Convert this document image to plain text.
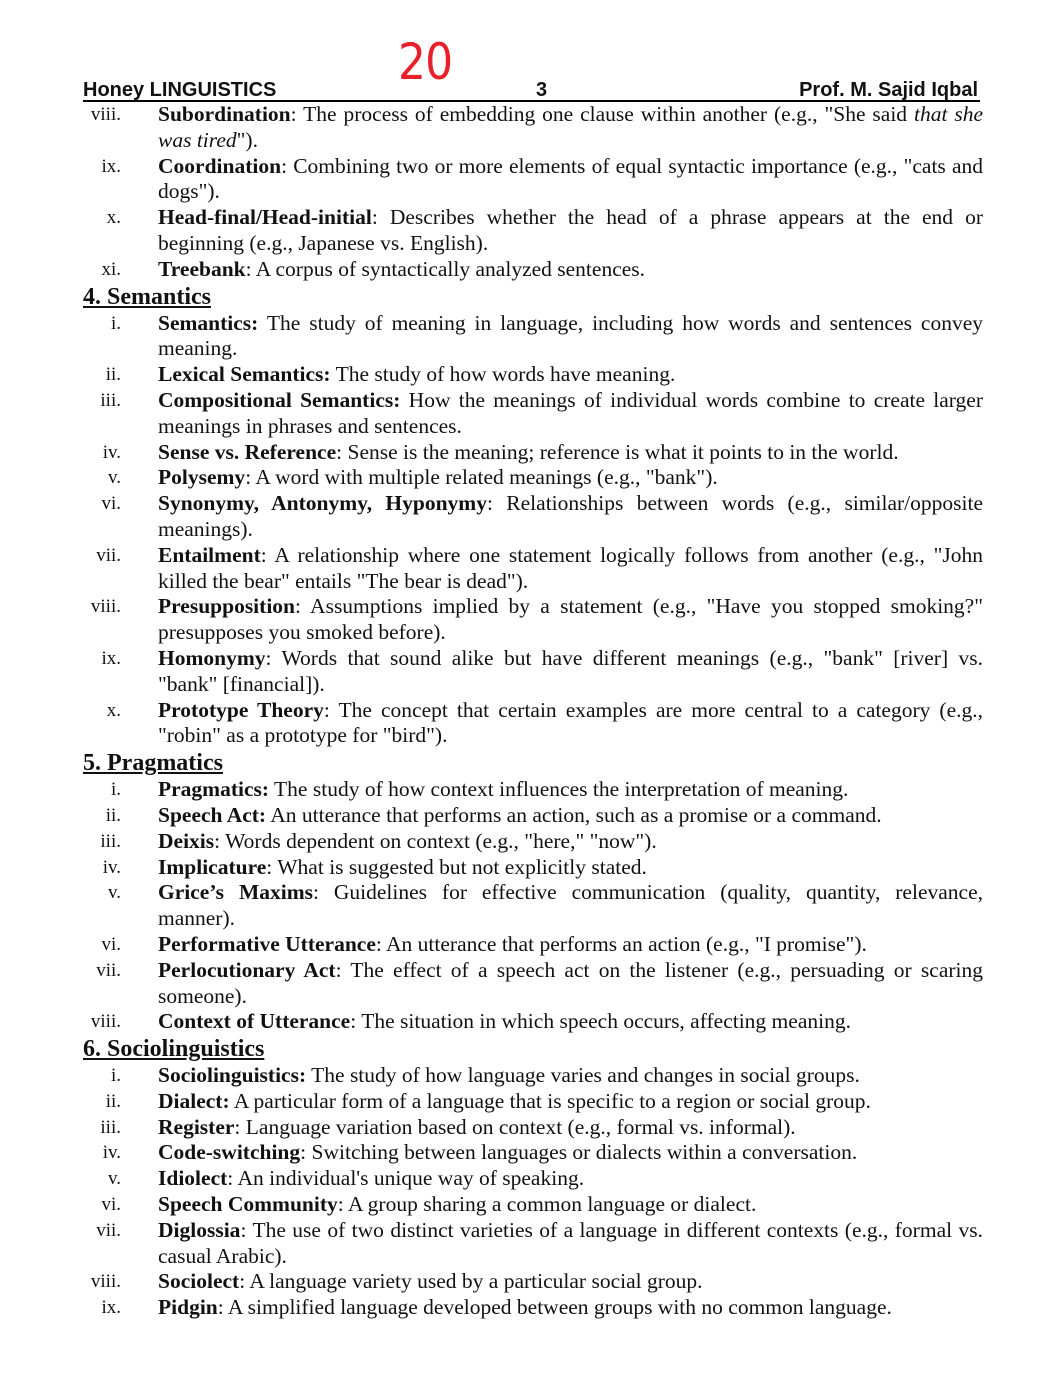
20
Honey LINGUISTICS	3	Prof. M. Sajid Iqbal
viii.	Subordination: The process of embedding one clause within another (e.g., "She said that she was tired").
ix.	Coordination: Combining two or more elements of equal syntactic importance (e.g., "cats and dogs").
x.	Head-final/Head-initial: Describes whether the head of a phrase appears at the end or beginning (e.g., Japanese vs. English).
xi.	Treebank: A corpus of syntactically analyzed sentences.
4. Semantics
i.	Semantics: The study of meaning in language, including how words and sentences convey meaning.
ii.	Lexical Semantics: The study of how words have meaning.
iii.	Compositional Semantics: How the meanings of individual words combine to create larger meanings in phrases and sentences.
iv.	Sense vs. Reference: Sense is the meaning; reference is what it points to in the world.
v.	Polysemy: A word with multiple related meanings (e.g., "bank").
vi.	Synonymy, Antonymy, Hyponymy: Relationships between words (e.g., similar/opposite meanings).
vii.	Entailment: A relationship where one statement logically follows from another (e.g., "John killed the bear" entails "The bear is dead").
viii.	Presupposition: Assumptions implied by a statement (e.g., "Have you stopped smoking?" presupposes you smoked before).
ix.	Homonymy: Words that sound alike but have different meanings (e.g., "bank" [river] vs. "bank" [financial]).
x.	Prototype Theory: The concept that certain examples are more central to a category (e.g., "robin" as a prototype for "bird").
5. Pragmatics
i.	Pragmatics: The study of how context influences the interpretation of meaning.
ii.	Speech Act: An utterance that performs an action, such as a promise or a command.
iii.	Deixis: Words dependent on context (e.g., "here," "now").
iv.	Implicature: What is suggested but not explicitly stated.
v.	Grice’s Maxims: Guidelines for effective communication (quality, quantity, relevance, manner).
vi.	Performative Utterance: An utterance that performs an action (e.g., "I promise").
vii.	Perlocutionary Act: The effect of a speech act on the listener (e.g., persuading or scaring someone).
viii.	Context of Utterance: The situation in which speech occurs, affecting meaning.
6. Sociolinguistics
i.	Sociolinguistics: The study of how language varies and changes in social groups.
ii.	Dialect: A particular form of a language that is specific to a region or social group.
iii.	Register: Language variation based on context (e.g., formal vs. informal).
iv.	Code-switching: Switching between languages or dialects within a conversation.
v.	Idiolect: An individual's unique way of speaking.
vi.	Speech Community: A group sharing a common language or dialect.
vii.	Diglossia: The use of two distinct varieties of a language in different contexts (e.g., formal vs. casual Arabic).
viii.	Sociolect: A language variety used by a particular social group.
ix.	Pidgin: A simplified language developed between groups with no common language.
